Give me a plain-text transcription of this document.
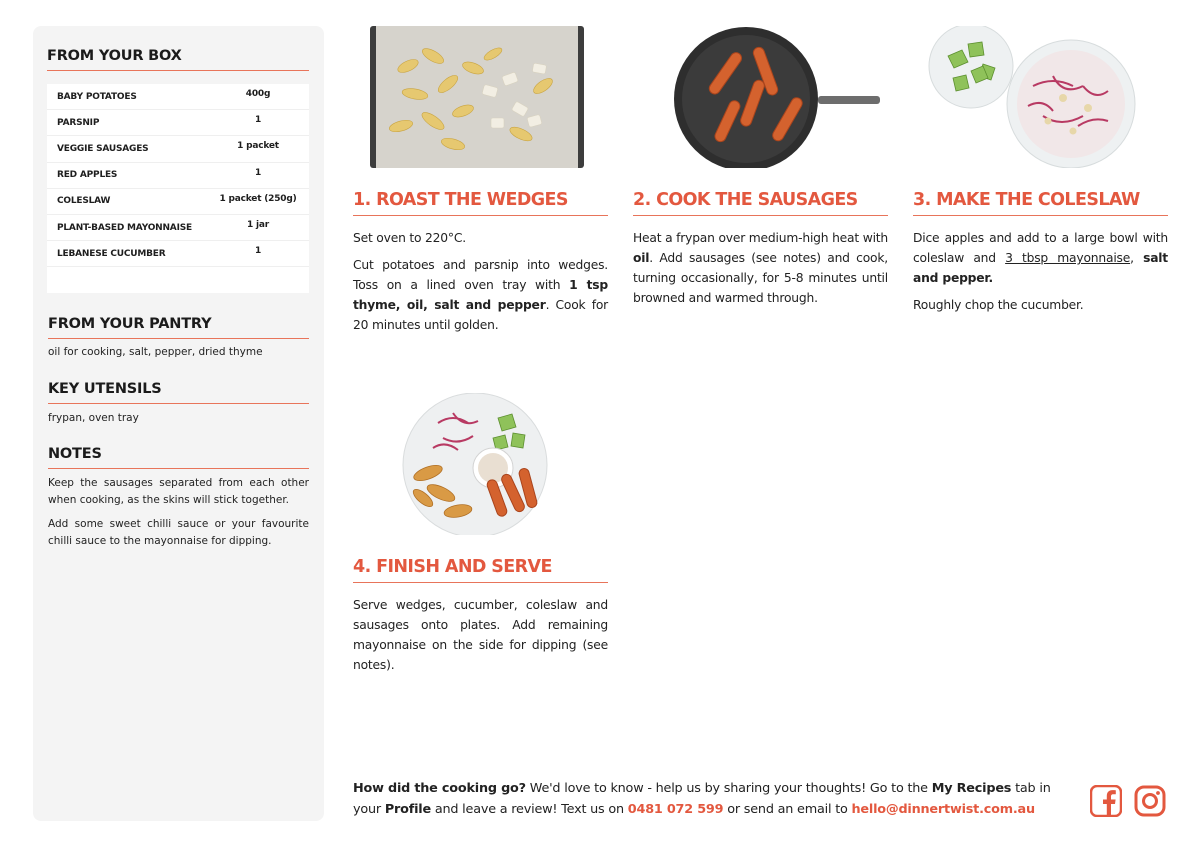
FROM YOUR BOX
BABY POTATOES	400g
PARSNIP	1
VEGGIE SAUSAGES	1 packet
RED APPLES	1
COLESLAW	1 packet (250g)
PLANT-BASED MAYONNAISE	1 jar
LEBANESE CUCUMBER	1
FROM YOUR PANTRY

oil for cooking, salt, pepper, dried thyme

KEY UTENSILS

frypan, oven tray

NOTES

Keep the sausages separated from each other when cooking, as the skins will stick together.

Add some sweet chilli sauce or your favourite chilli sauce to the mayonnaise for dipping.

1. ROAST THE WEDGES

Set oven to 220°C.

Cut potatoes and parsnip into wedges. Toss on a lined oven tray with 1 tsp thyme, oil, salt and pepper. Cook for 20 minutes until golden.

2. COOK THE SAUSAGES

Heat a frypan over medium-high heat with oil. Add sausages (see notes) and cook, turning occasionally, for 5-8 minutes until browned and warmed through.

3. MAKE THE COLESLAW

Dice apples and add to a large bowl with coleslaw and 3 tbsp mayonnaise, salt and pepper.

Roughly chop the cucumber.

4. FINISH AND SERVE

Serve wedges, cucumber, coleslaw and sausages onto plates. Add remaining mayonnaise on the side for dipping (see notes).

How did the cooking go? We'd love to know - help us by sharing your thoughts! Go to the My Recipes tab in your Profile and leave a review! Text us on 0481 072 599 or send an email to hello@dinnertwist.com.au
